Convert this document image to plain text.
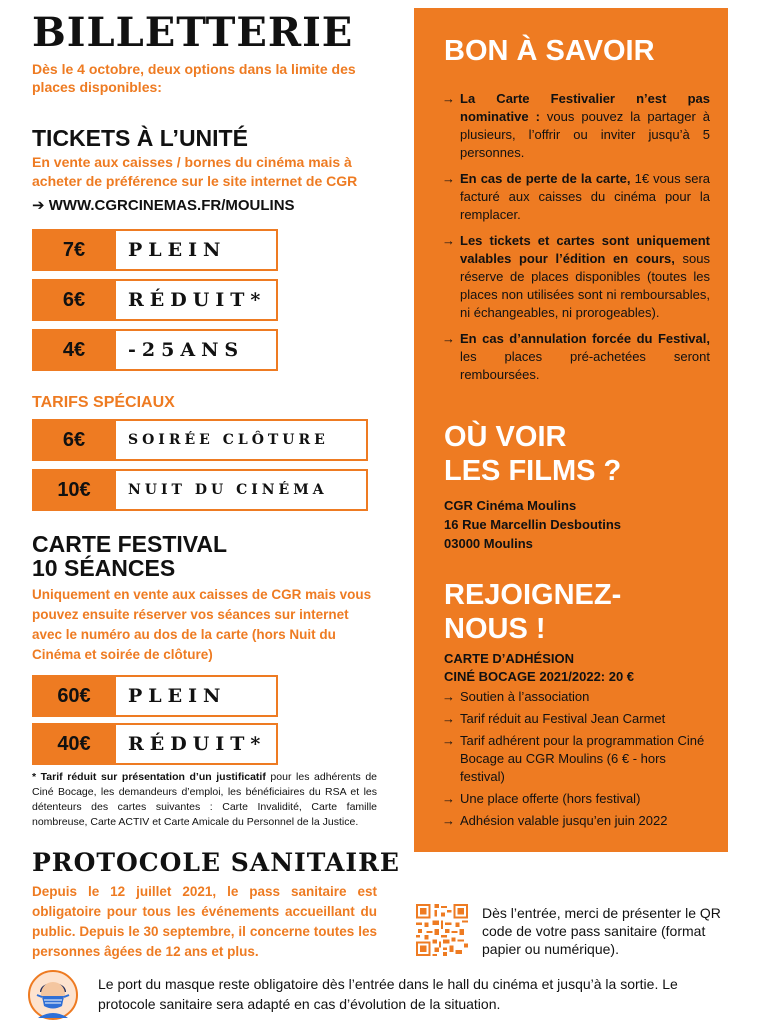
BILLETTERIE
Dès le 4 octobre, deux options dans la limite des places disponibles:
TICKETS À L’UNITÉ
En vente aux caisses / bornes du cinéma mais à acheter de préférence sur le site internet de CGR
➔ WWW.CGRCINEMAS.FR/MOULINS
7€	PLEIN
6€	RÉDUIT*
4€	-25ANS
TARIFS SPÉCIAUX
6€	SOIRÉE CLÔTURE
10€	NUIT DU CINÉMA
CARTE FESTIVAL
10 SÉANCES
Uniquement en vente aux caisses de CGR mais vous pouvez ensuite réserver vos séances sur internet avec le numéro au dos de la carte (hors Nuit du Cinéma et soirée de clôture)
60€	PLEIN
40€	RÉDUIT*
* Tarif réduit sur présentation d’un justificatif pour les adhérents de Ciné Bocage, les demandeurs d’emploi, les bénéficiaires du RSA et les détenteurs des cartes suivantes : Carte Invalidité, Carte famille nombreuse, Carte ACTIV et Carte Amicale du Personnel de la Justice.
PROTOCOLE SANITAIRE
Depuis le 12 juillet 2021, le pass sanitaire est obligatoire pour tous les événements accueillant du public. Depuis le 30 septembre, il concerne toutes les personnes âgées de 12 ans et plus.
BON À SAVOIR
→ La Carte Festivalier n’est pas nominative : vous pouvez la partager à plusieurs, l’offrir ou inviter jusqu’à 5 personnes.
→ En cas de perte de la carte, 1€ vous sera facturé aux caisses du cinéma pour la remplacer.
→ Les tickets et cartes sont uniquement valables pour l’édition en cours, sous réserve de places disponibles (toutes les places non utilisées sont ni remboursables, ni échangeables, ni prorogeables).
→ En cas d’annulation forcée du Festival, les places pré-achetées seront remboursées.
OÙ VOIR
LES FILMS ?
CGR Cinéma Moulins
16 Rue Marcellin Desboutins
03000 Moulins
REJOIGNEZ-
NOUS !
CARTE D’ADHÉSION
CINÉ BOCAGE 2021/2022: 20 €
→ Soutien à l’association
→ Tarif réduit au Festival Jean Carmet
→ Tarif adhérent pour la programmation Ciné Bocage au CGR Moulins (6 € - hors festival)
→ Une place offerte (hors festival)
→ Adhésion valable jusqu’en juin 2022
Dès l’entrée, merci de présenter le QR code de votre pass sanitaire (format papier ou numérique).
Le port du masque reste obligatoire dès l’entrée dans le hall du cinéma et jusqu’à la sortie. Le protocole sanitaire sera adapté en cas d’évolution de la situation.
